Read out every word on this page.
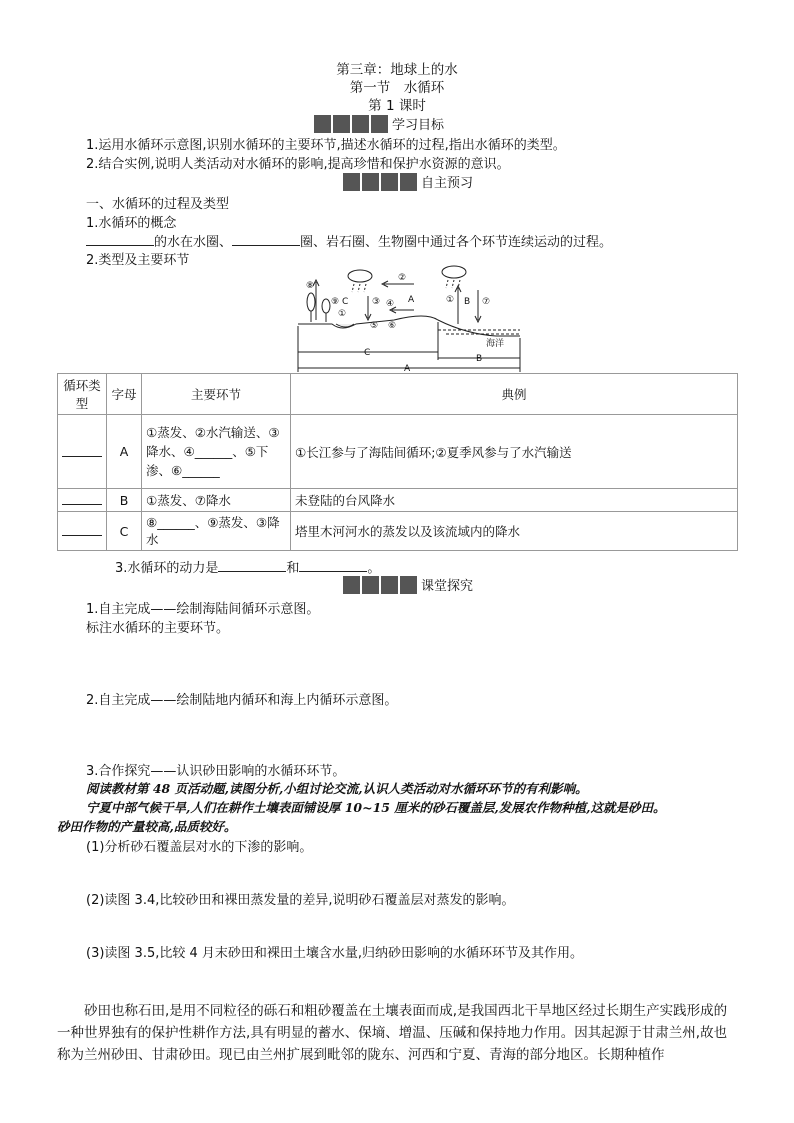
第三章：地球上的水
第一节　水循环
第 1 课时
学习目标
1.运用水循环示意图,识别水循环的主要环节,描述水循环的过程,指出水循环的类型。
2.结合实例,说明人类活动对水循环的影响,提高珍惜和保护水资源的意识。
自主预习
一、水循环的过程及类型
1.水循环的概念
的水在水圈、	圈、岩石圈、生物圈中通过各个环节连续运动的过程。
2.类型及主要环节
⑧
⑨ C
①
②
③ ④ A
⑤ ⑥
① B ⑦
海洋
C
B
A
循环类型	字母	主要环节	典例
	A	①蒸发、②水汽输送、③降水、④______、⑤下渗、⑥______	①长江参与了海陆间循环;②夏季风参与了水汽输送
	B	①蒸发、⑦降水	未登陆的台风降水
	C	⑧______、⑨蒸发、③降水	塔里木河河水的蒸发以及该流域内的降水
3.水循环的动力是	和	。
课堂探究
1.自主完成——绘制海陆间循环示意图。
标注水循环的主要环节。
2.自主完成——绘制陆地内循环和海上内循环示意图。
3.合作探究——认识砂田影响的水循环环节。
阅读教材第 48 页活动题,读图分析,小组讨论交流,认识人类活动对水循环环节的有利影响。
宁夏中部气候干旱,人们在耕作土壤表面铺设厚 10~15 厘米的砂石覆盖层,发展农作物种植,这就是砂田。
砂田作物的产量较高,品质较好。
(1)分析砂石覆盖层对水的下渗的影响。
(2)读图 3.4,比较砂田和裸田蒸发量的差异,说明砂石覆盖层对蒸发的影响。
(3)读图 3.5,比较 4 月末砂田和裸田土壤含水量,归纳砂田影响的水循环环节及其作用。
砂田也称石田,是用不同粒径的砾石和粗砂覆盖在土壤表面而成,是我国西北干旱地区经过长期生产实践形成的一种世界独有的保护性耕作方法,具有明显的蓄水、保墒、增温、压碱和保持地力作用。因其起源于甘肃兰州,故也称为兰州砂田、甘肃砂田。现已由兰州扩展到毗邻的陇东、河西和宁夏、青海的部分地区。长期种植作
